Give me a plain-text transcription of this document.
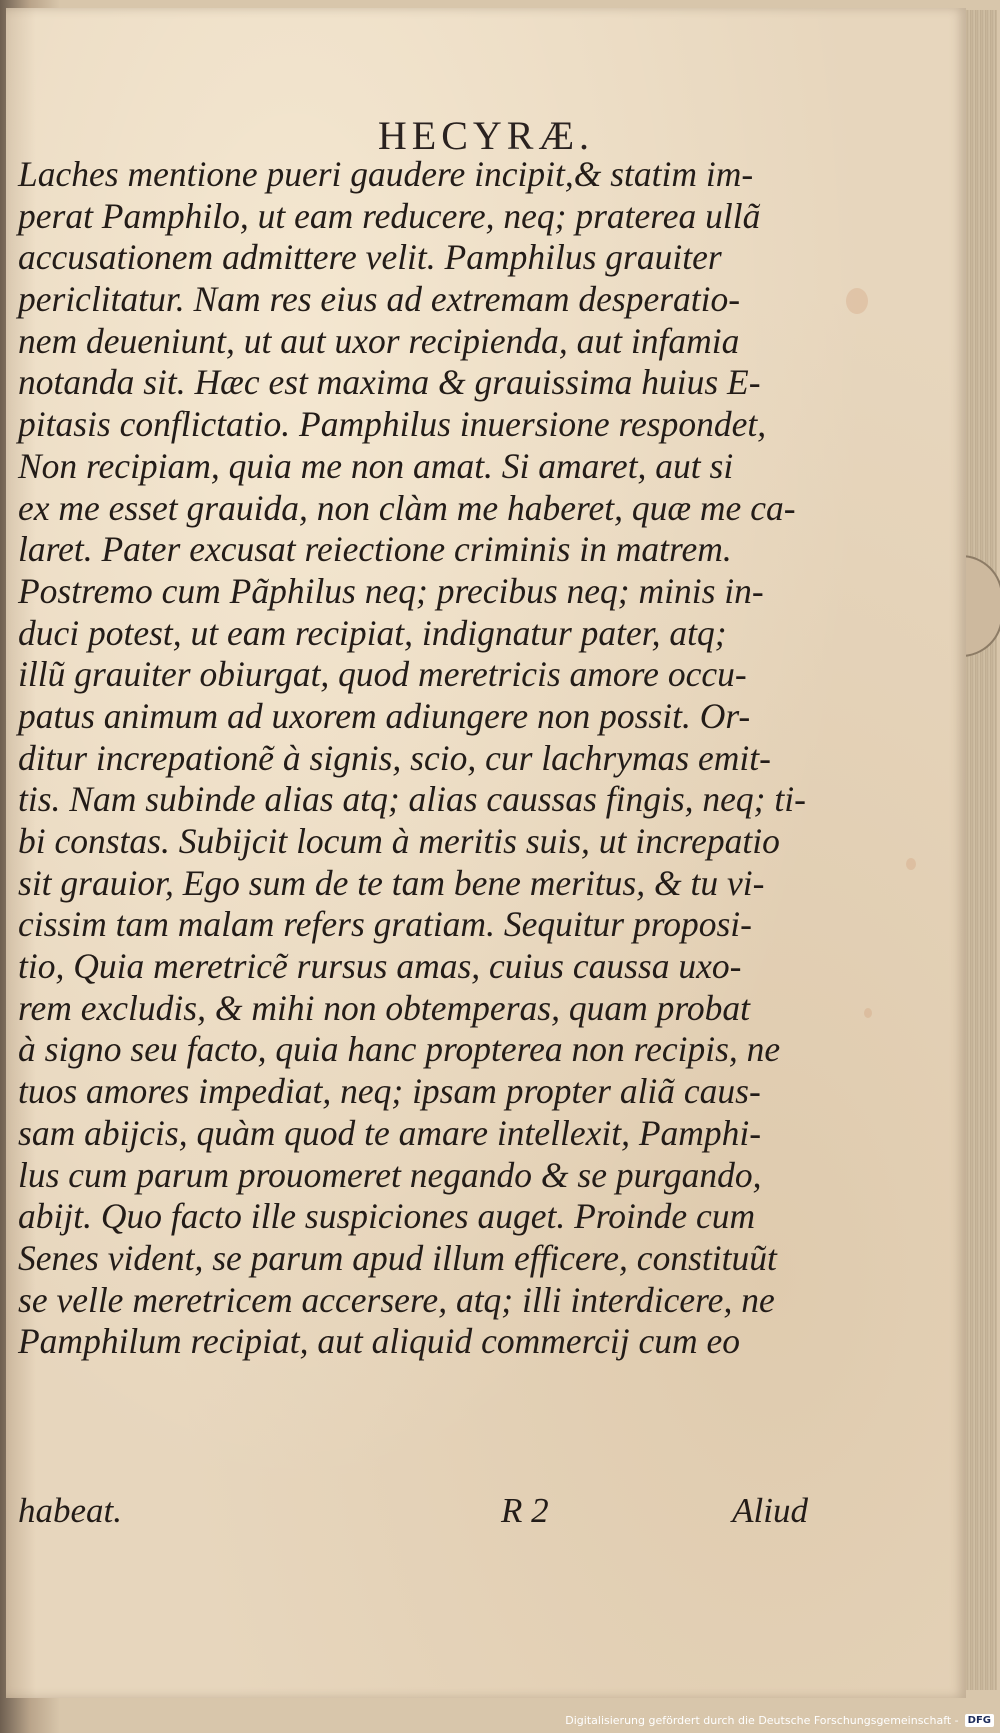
HECYRÆ.
Laches mentione pueri gaudere incipit,& statim im-
perat Pamphilo, ut eam reducere, neq; praterea ullã
accusationem admittere velit. Pamphilus grauiter
periclitatur. Nam res eius ad extremam desperatio-
nem deueniunt, ut aut uxor recipienda, aut infamia
notanda sit. Hæc est maxima & grauissima huius E-
pitasis conflictatio. Pamphilus inuersione respondet,
Non recipiam, quia me non amat. Si amaret, aut si
ex me esset grauida, non clàm me haberet, quæ me ca-
laret. Pater excusat reiectione criminis in matrem.
Postremo cum Pãphilus neq; precibus neq; minis in-
duci potest, ut eam recipiat, indignatur pater, atq;
illũ grauiter obiurgat, quod meretricis amore occu-
patus animum ad uxorem adiungere non possit. Or-
ditur increpationẽ à signis, scio, cur lachrymas emit-
tis. Nam subinde alias atq; alias caussas fingis, neq; ti-
bi constas. Subijcit locum à meritis suis, ut increpatio
sit grauior, Ego sum de te tam bene meritus, & tu vi-
cissim tam malam refers gratiam. Sequitur proposi-
tio, Quia meretricẽ rursus amas, cuius caussa uxo-
rem excludis, & mihi non obtemperas, quam probat
à signo seu facto, quia hanc propterea non recipis, ne
tuos amores impediat, neq; ipsam propter aliã caus-
sam abijcis, quàm quod te amare intellexit, Pamphi-
lus cum parum prouomeret negando & se purgando,
abijt. Quo facto ille suspiciones auget. Proinde cum
Senes vident, se parum apud illum efficere, constituũt
se velle meretricem accersere, atq; illi interdicere, ne
Pamphilum recipiat, aut aliquid commercij cum eo
habeat.	R 2	Aliud
Digitalisierung gefördert durch die Deutsche Forschungsgemeinschaft - DFG
